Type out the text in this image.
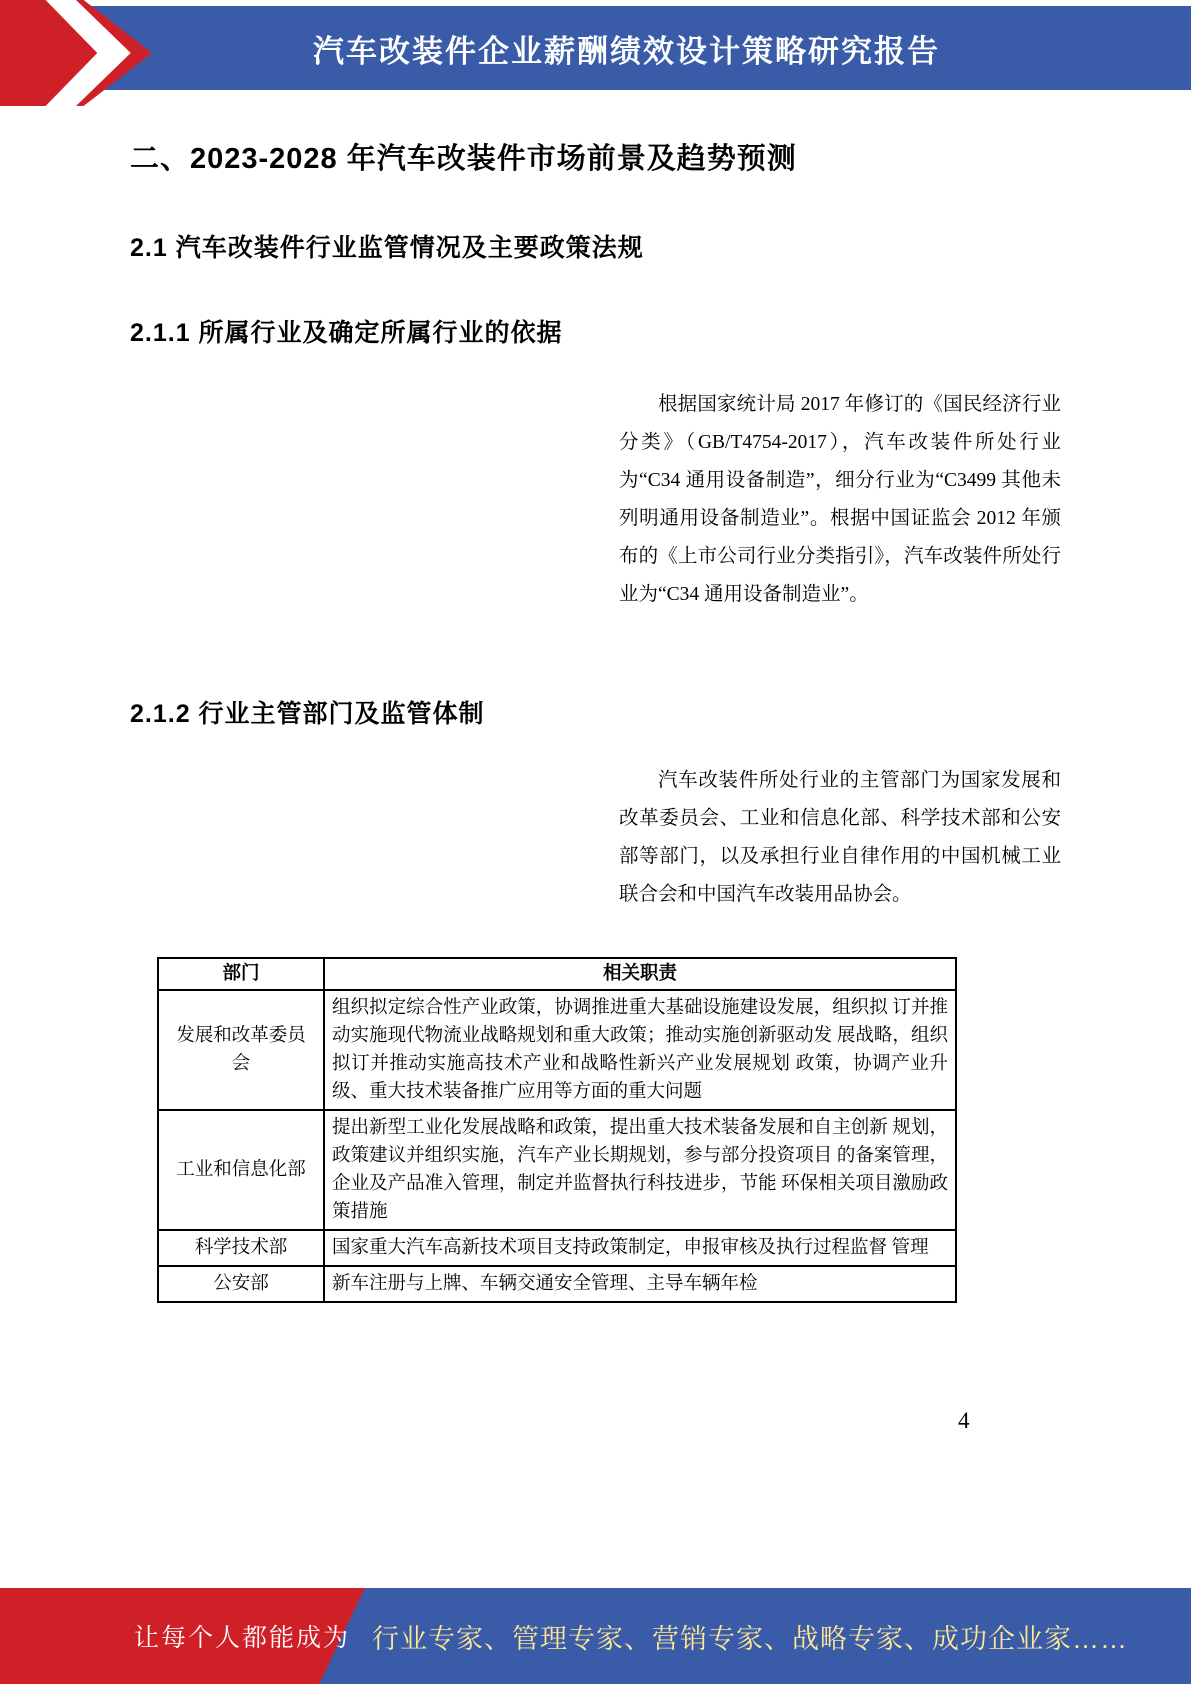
汽车改装件企业薪酬绩效设计策略研究报告
二、2023-2028 年汽车改装件市场前景及趋势预测
2.1 汽车改装件行业监管情况及主要政策法规
2.1.1 所属行业及确定所属行业的依据

根据国家统计局 2017 年修订的《国民经济行业分类》（GB/T4754-2017），汽车改装件所处行业为“C34 通用设备制造”，细分行业为“C3499 其他未列明通用设备制造业”。根据中国证监会 2012 年颁布的《上市公司行业分类指引》，汽车改装件所处行业为“C34 通用设备制造业”。

2.1.2 行业主管部门及监管体制

汽车改装件所处行业的主管部门为国家发展和改革委员会、工业和信息化部、科学技术部和公安部等部门，以及承担行业自律作用的中国机械工业联合会和中国汽车改装用品协会。

部门	相关职责
发展和改革委员 会	组织拟定综合性产业政策，协调推进重大基础设施建设发展，组织拟 订并推动实施现代物流业战略规划和重大政策；推动实施创新驱动发 展战略，组织拟订并推动实施高技术产业和战略性新兴产业发展规划 政策，协调产业升级、重大技术装备推广应用等方面的重大问题
工业和信息化部	提出新型工业化发展战略和政策，提出重大技术装备发展和自主创新 规划，政策建议并组织实施，汽车产业长期规划，参与部分投资项目 的备案管理，企业及产品准入管理，制定并监督执行科技进步，节能 环保相关项目激励政策措施
科学技术部	国家重大汽车高新技术项目支持政策制定，申报审核及执行过程监督 管理
公安部	新车注册与上牌、车辆交通安全管理、主导车辆年检
4
让每个人都能成为 行业专家、管理专家、营销专家、战略专家、成功企业家……
